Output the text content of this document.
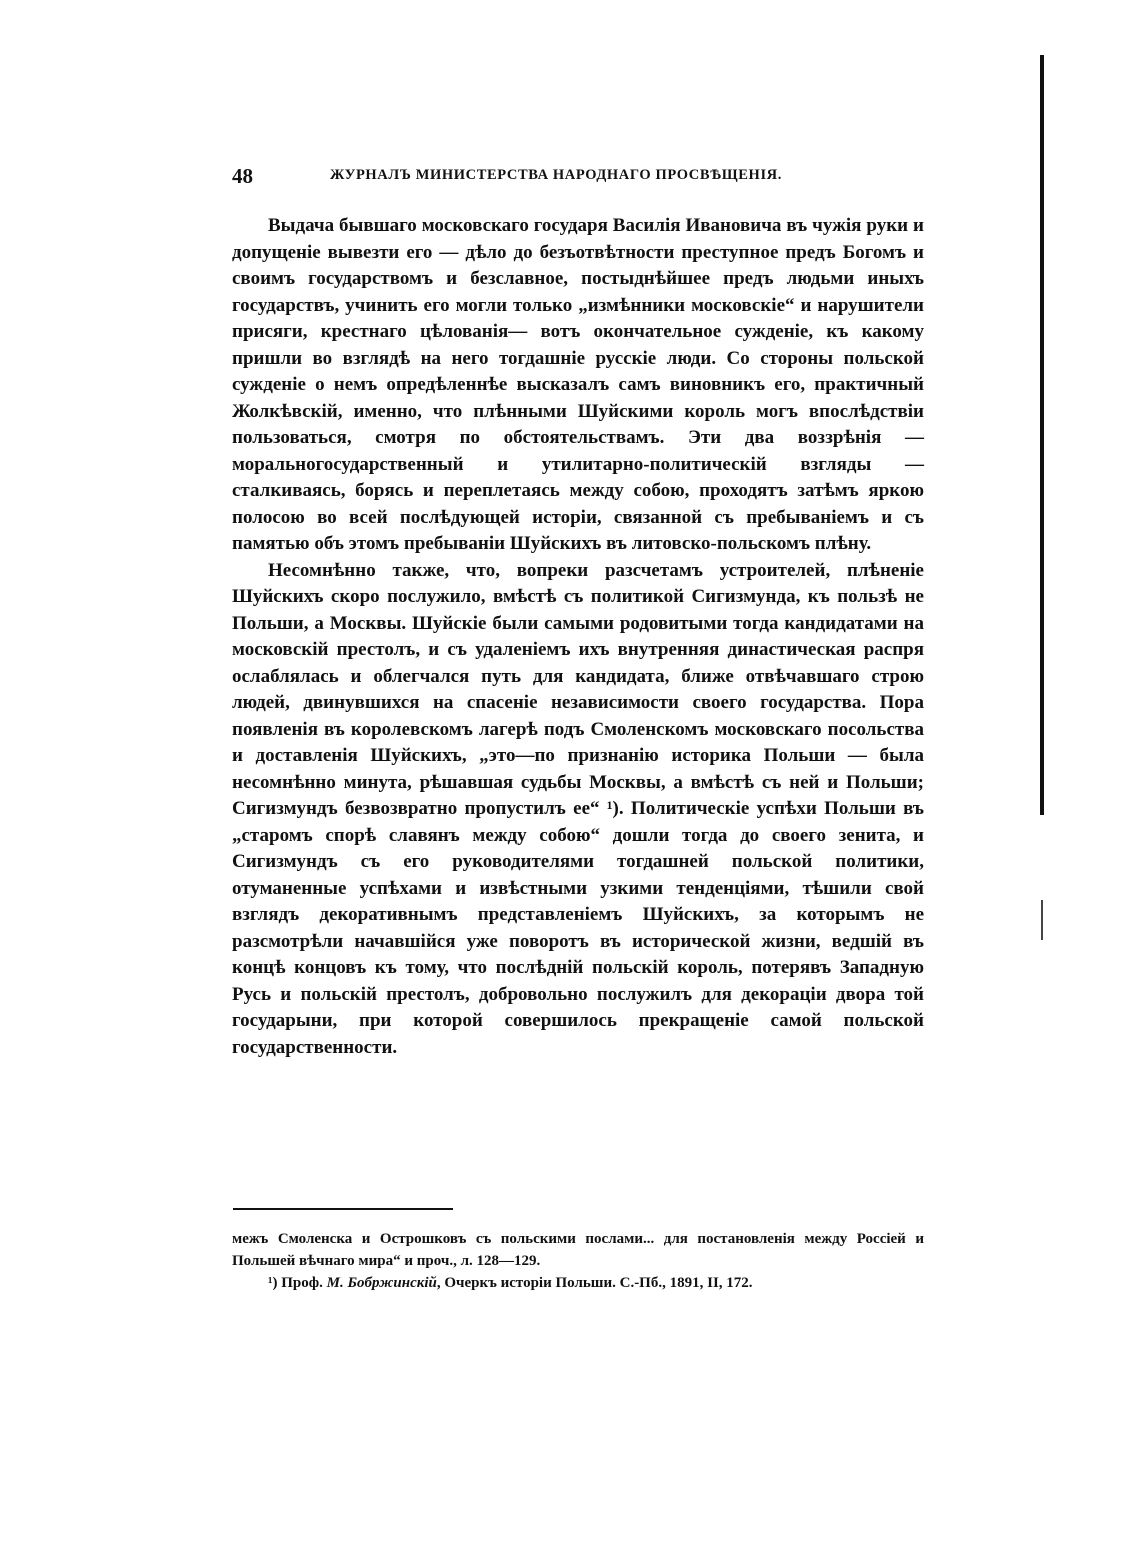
48	ЖУРНАЛЪ МИНИСТЕРСТВА НАРОДНАГО ПРОСВѢЩЕНІЯ.

Выдача бывшаго московскаго государя Василія Ивановича въ чужія руки и допущеніе вывезти его — дѣло до безъотвѣтности преступное предъ Богомъ и своимъ государствомъ и безславное, постыднѣйшее предъ людьми иныхъ государствъ, учинить его могли только „измѣнники московскіе“ и нарушители присяги, крестнаго цѣлованія— вотъ окончательное сужденіе, къ какому пришли во взглядѣ на него тогдашніе русскіе люди. Со стороны польской сужденіе о немъ опредѣленнѣе высказалъ самъ виновникъ его, практичный Жолкѣвскій, именно, что плѣнными Шуйскими король могъ впослѣдствіи пользоваться, смотря по обстоятельствамъ. Эти два воззрѣнія — моральногосударственный и утилитарно-политическій взгляды — сталкиваясь, борясь и переплетаясь между собою, проходятъ затѣмъ яркою полосою во всей послѣдующей исторіи, связанной съ пребываніемъ и съ памятью объ этомъ пребываніи Шуйскихъ въ литовско-польскомъ плѣну.

Несомнѣнно также, что, вопреки разсчетамъ устроителей, плѣненіе Шуйскихъ скоро послужило, вмѣстѣ съ политикой Сигизмунда, къ пользѣ не Польши, а Москвы. Шуйскіе были самыми родовитыми тогда кандидатами на московскій престолъ, и съ удаленіемъ ихъ внутренняя династическая распря ослаблялась и облегчался путь для кандидата, ближе отвѣчавшаго строю людей, двинувшихся на спасеніе независимости своего государства. Пора появленія въ королевскомъ лагерѣ подъ Смоленскомъ московскаго посольства и доставленія Шуйскихъ, „это—по признанію историка Польши — была несомнѣнно минута, рѣшавшая судьбы Москвы, а вмѣстѣ съ ней и Польши; Сигизмундъ безвозвратно пропустилъ ее“ ¹). Политическіе успѣхи Польши въ „старомъ спорѣ славянъ между собою“ дошли тогда до своего зенита, и Сигизмундъ съ его руководителями тогдашней польской политики, отуманенные успѣхами и извѣстными узкими тенденціями, тѣшили свой взглядъ декоративнымъ представленіемъ Шуйскихъ, за которымъ не разсмотрѣли начавшійся уже поворотъ въ исторической жизни, ведшій въ концѣ концовъ къ тому, что послѣдній польскій король, потерявъ Западную Русь и польскій престолъ, добровольно послужилъ для декораціи двора той государыни, при которой совершилось прекращеніе самой польской государственности.

межъ Смоленска и Острошковъ съ польскими послами... для постановленія между Россіей и Польшей вѣчнаго мира“ и проч., л. 128—129.

¹) Проф. М. Бобржинскій, Очеркъ исторіи Польши. С.-Пб., 1891, II, 172.
